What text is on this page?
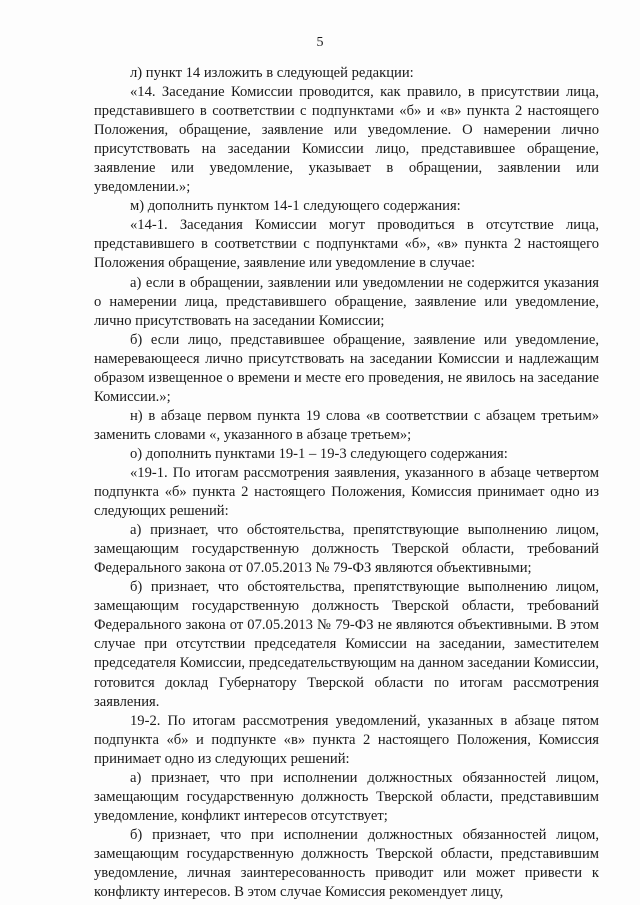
5

л) пункт 14 изложить в следующей редакции:

«14. Заседание Комиссии проводится, как правило, в присутствии лица, представившего в соответствии с подпунктами «б» и «в» пункта 2 настоящего Положения, обращение, заявление или уведомление. О намерении лично присутствовать на заседании Комиссии лицо, представившее обращение, заявление или уведомление, указывает в обращении, заявлении или уведомлении.»;

м) дополнить пунктом 14-1 следующего содержания:

«14-1. Заседания Комиссии могут проводиться в отсутствие лица, представившего в соответствии с подпунктами «б», «в» пункта 2 настоящего Положения обращение, заявление или уведомление в случае:

а) если в обращении, заявлении или уведомлении не содержится указания о намерении лица, представившего обращение, заявление или уведомление, лично присутствовать на заседании Комиссии;

б) если лицо, представившее обращение, заявление или уведомление, намеревающееся лично присутствовать на заседании Комиссии и надлежащим образом извещенное о времени и месте его проведения, не явилось на заседание Комиссии.»;

н) в абзаце первом пункта 19 слова «в соответствии с абзацем третьим» заменить словами «, указанного в абзаце третьем»;

о) дополнить пунктами 19-1 – 19-3 следующего содержания:

«19-1. По итогам рассмотрения заявления, указанного в абзаце четвертом подпункта «б» пункта 2 настоящего Положения, Комиссия принимает одно из следующих решений:

а) признает, что обстоятельства, препятствующие выполнению лицом, замещающим государственную должность Тверской области, требований Федерального закона от 07.05.2013 № 79-ФЗ являются объективными;

б) признает, что обстоятельства, препятствующие выполнению лицом, замещающим государственную должность Тверской области, требований Федерального закона от 07.05.2013 № 79-ФЗ не являются объективными. В этом случае при отсутствии председателя Комиссии на заседании, заместителем председателя Комиссии, председательствующим на данном заседании Комиссии, готовится доклад Губернатору Тверской области по итогам рассмотрения заявления.

19-2. По итогам рассмотрения уведомлений, указанных в абзаце пятом подпункта «б» и подпункте «в» пункта 2 настоящего Положения, Комиссия принимает одно из следующих решений:

а) признает, что при исполнении должностных обязанностей лицом, замещающим государственную должность Тверской области, представившим уведомление, конфликт интересов отсутствует;

б) признает, что при исполнении должностных обязанностей лицом, замещающим государственную должность Тверской области, представившим уведомление, личная заинтересованность приводит или может привести к конфликту интересов. В этом случае Комиссия рекомендует лицу,
